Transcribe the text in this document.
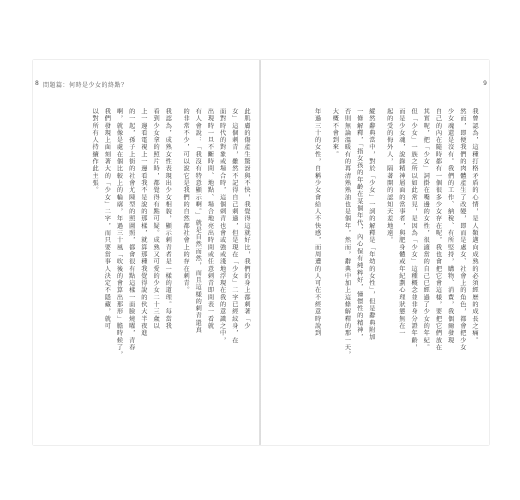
8 問題篇：何時是少女的終點？
此肌膚的傷產生驚訝與不快，我覺得這就好比，我們的身上都刺著「少
女」這個刺青，雖然不記得自己刺過，但是現在「少女」二字已經紋身，在
面對時代的對象或場合時，這個刺青也會或強或淺地浮現在我的意識之中，
出現時一旦不斷時間、地點、場合地亮出時間或任意刺青即間表一看就
有人會說：「我沒有特意顯示啊。」就是自然而然，而且這樣的刺青還真
的非常不少，可以說它是我們的自然都社會上的存在刺青。
我認為，成熟女性表現出少女相貌，顯示刺青者是一樣的道理。每當我
看到少女拿的照片時，都覺得有點可疑。成熟又可愛的少女二十三歲以
上一邊看電視上一邊看我不是說的那樣，就算那種我覺得說的伙大半夜進
的一起，孫子上街的社會尤陳型的照圖照，都會很有點這樣一面臉燒曜，青春
啊，就像是處在個比較上的輪廓，年過三十風「吹後的會算出那形」膽時候了，
我們發現上面刻著大的「少女」二字，而只要當事人決定不隱藏，就可
以對所有人持續作此主張。
9
我曾認為，這種打格矛盾的心情，是人類邁向成熟的必須經歷的成長之痛。
然而，即便我們的肉體產生了改變，即而是處女、社會上的角色，都會把少女
少女魂還是沒有。我們的工作、納稅、有所堅持，購物、消費，我偶爾發現
自己的內在隨時都有一個很多少女存在呢，我也會把它會這樣，要把它們放在
其實呢，把「少女」詞掛在嘴邊的女性，很適當的自己已經過了少女的年紀。
但「少女」一族之所以如此常見，是因為「少女」這種概念並非身分證年齡，
而是少女魂，說錄精神層面的當事者，與肥身體或年紀劃心理狀態無在一
起的受的侮外人，隔著開的認知天差地遠。
縱然辭典當中，對於「少女」一詞的解釋是「年幼的女性」，但是辭典附加
一條解釋，「指女孩的年齡在某個年代，內心保有純粹好，憧憬性的精神，
否則無論溫暖有的再清熟熟油也是個年，然而，辭典中加上這條解釋的那一天，
大概不會到來。
年過三十的女性，自稱少女會給人不快感，而周遭的人可在不經意時說到
